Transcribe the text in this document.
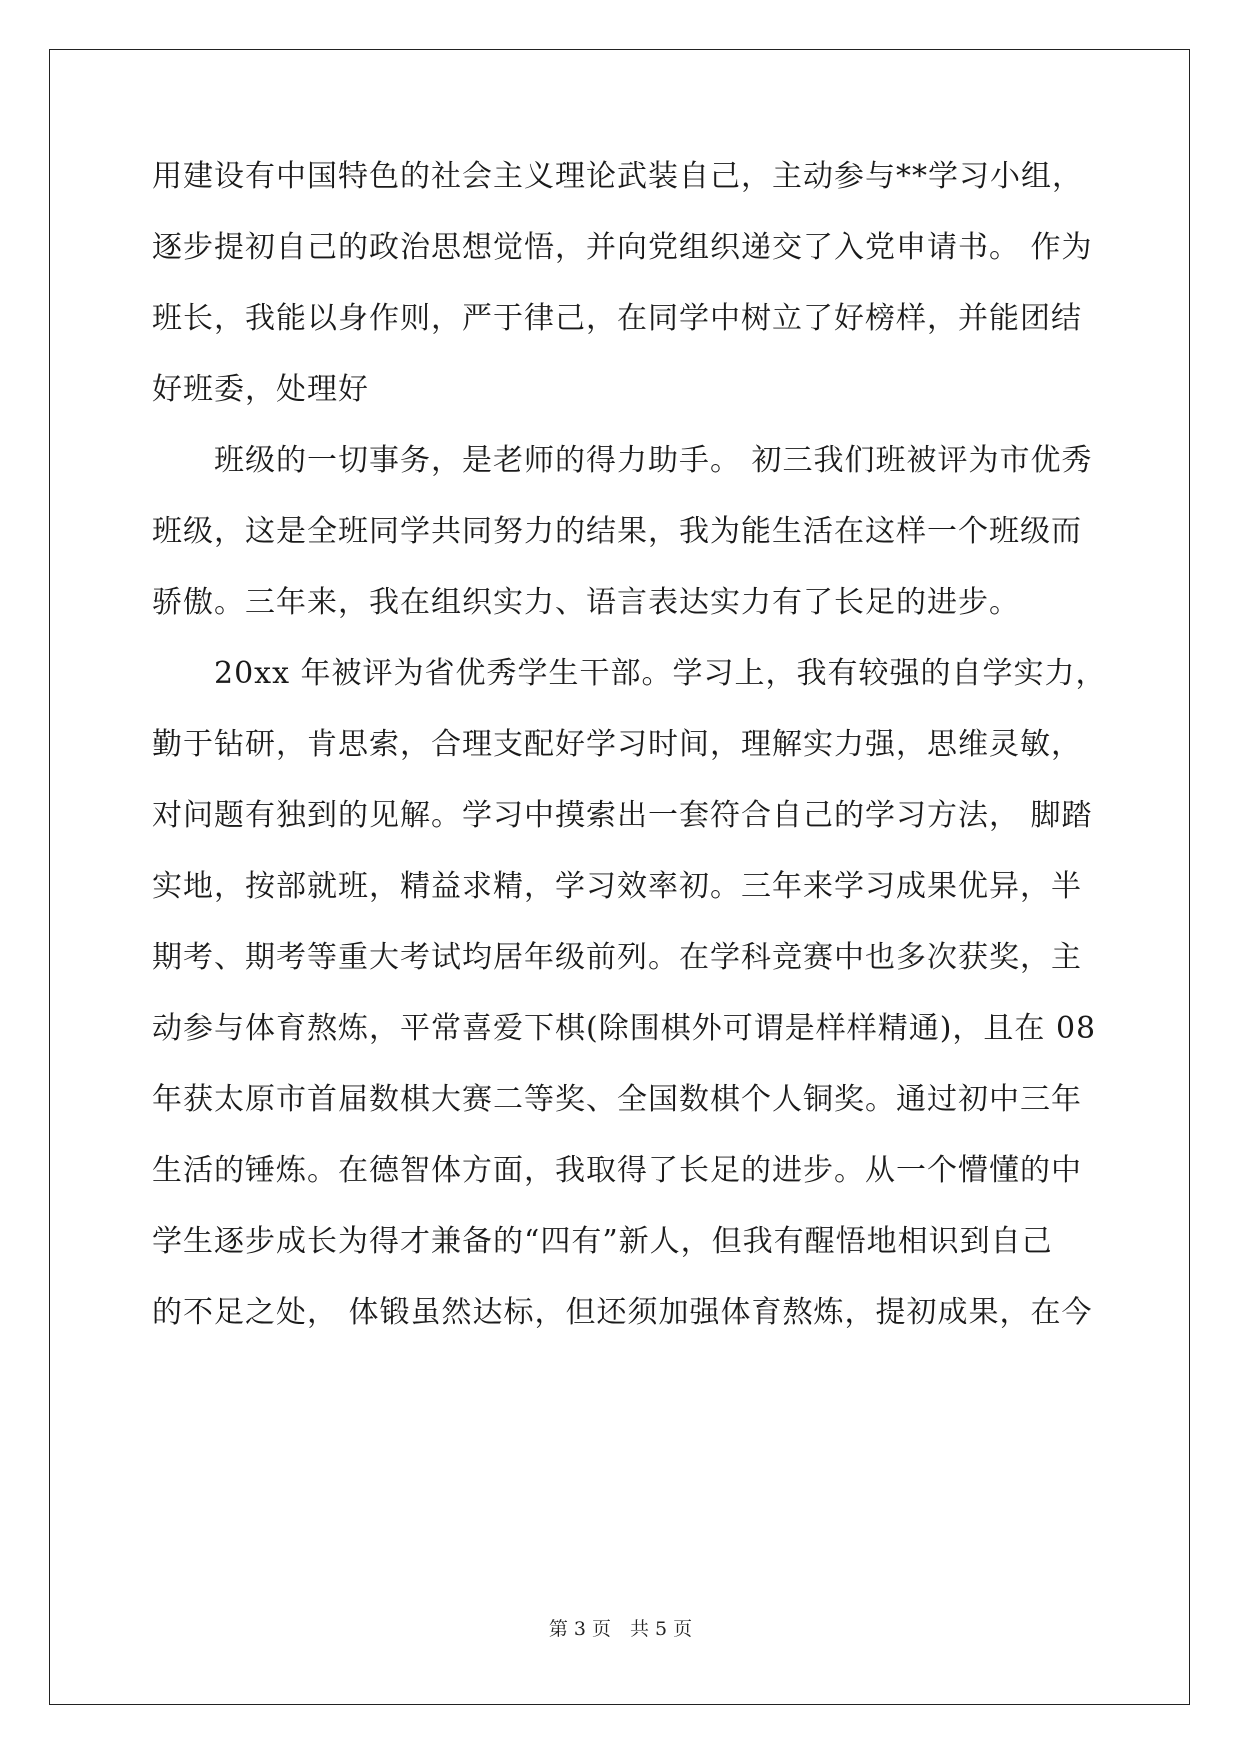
用建设有中国特色的社会主义理论武装自己，主动参与**学习小组，
逐步提初自己的政治思想觉悟，并向党组织递交了入党申请书。 作为
班长，我能以身作则，严于律己，在同学中树立了好榜样，并能团结
好班委，处理好
　　班级的一切事务，是老师的得力助手。 初三我们班被评为市优秀
班级，这是全班同学共同努力的结果，我为能生活在这样一个班级而
骄傲。三年来，我在组织实力、语言表达实力有了长足的进步。
　　20xx 年被评为省优秀学生干部。学习上，我有较强的自学实力，
勤于钻研，肯思索，合理支配好学习时间，理解实力强，思维灵敏，
对问题有独到的见解。学习中摸索出一套符合自己的学习方法， 脚踏
实地，按部就班，精益求精，学习效率初。三年来学习成果优异，半
期考、期考等重大考试均居年级前列。在学科竞赛中也多次获奖，主
动参与体育熬炼，平常喜爱下棋(除围棋外可谓是样样精通)，且在 08
年获太原市首届数棋大赛二等奖、全国数棋个人铜奖。通过初中三年
生活的锤炼。在德智体方面，我取得了长足的进步。从一个懵懂的中
学生逐步成长为得才兼备的“四有”新人，但我有醒悟地相识到自己
的不足之处， 体锻虽然达标，但还须加强体育熬炼，提初成果，在今
第 3 页　共 5 页
